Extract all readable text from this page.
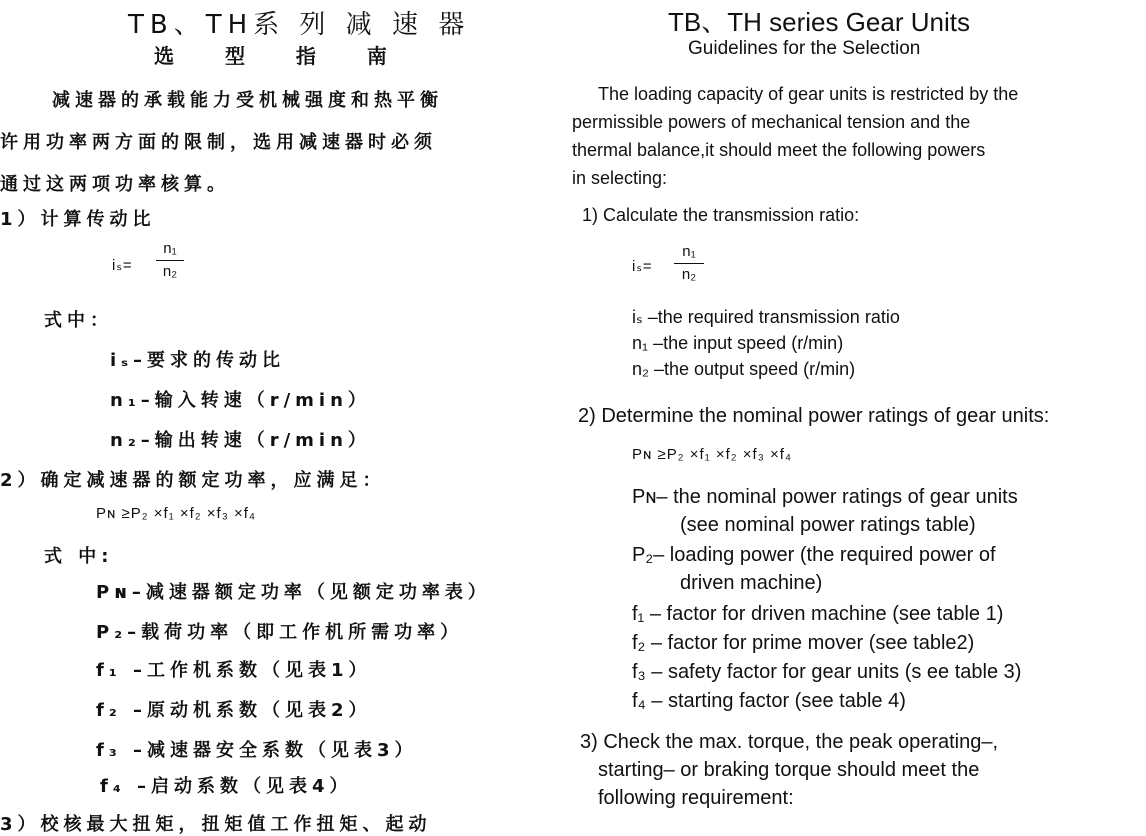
TB、TH系 列 减 速 器
选 型 指 南
减速器的承载能力受机械强度和热平衡
许用功率两方面的限制，选用减速器时必须
通过这两项功率核算。
1）计算传动比
iₛ=
n₁
n₂
式中：
iₛ–要求的传动比
n₁–输入转速（r/min）
n₂–输出转速（r/min）
2）确定减速器的额定功率，应满足：
Pɴ ≥P₂ ×f₁ ×f₂ ×f₃ ×f₄
式 中:
Pɴ–减速器额定功率（见额定功率表）
P₂–载荷功率（即工作机所需功率）
f₁ –工作机系数（见表1）
f₂ –原动机系数（见表2）
f₃ –减速器安全系数（见表3）
f₄ –启动系数（见表4）
3）校核最大扭矩，扭矩值工作扭矩、起动
TB、TH series Gear Units
Guidelines for the Selection
The loading capacity of gear units is restricted by the
permissible powers of mechanical tension and the
thermal balance,it should meet the following powers
in selecting:
1) Calculate the transmission ratio:
iₛ=
n₁
n₂
iₛ –the required transmission ratio
n₁ –the input speed (r/min)
n₂ –the output speed (r/min)
2) Determine the nominal power ratings of gear units:
Pɴ ≥P₂ ×f₁ ×f₂ ×f₃ ×f₄
Pɴ– the nominal power ratings of gear units
(see nominal power ratings table)
P₂– loading power (the required power of
driven machine)
f₁ – factor for driven machine (see table 1)
f₂ – factor for prime mover (see table2)
f₃ – safety factor for gear units (s ee table 3)
f₄ – starting factor (see table 4)
3) Check the max. torque, the peak operating–,
starting– or braking torque should meet the
following requirement:
